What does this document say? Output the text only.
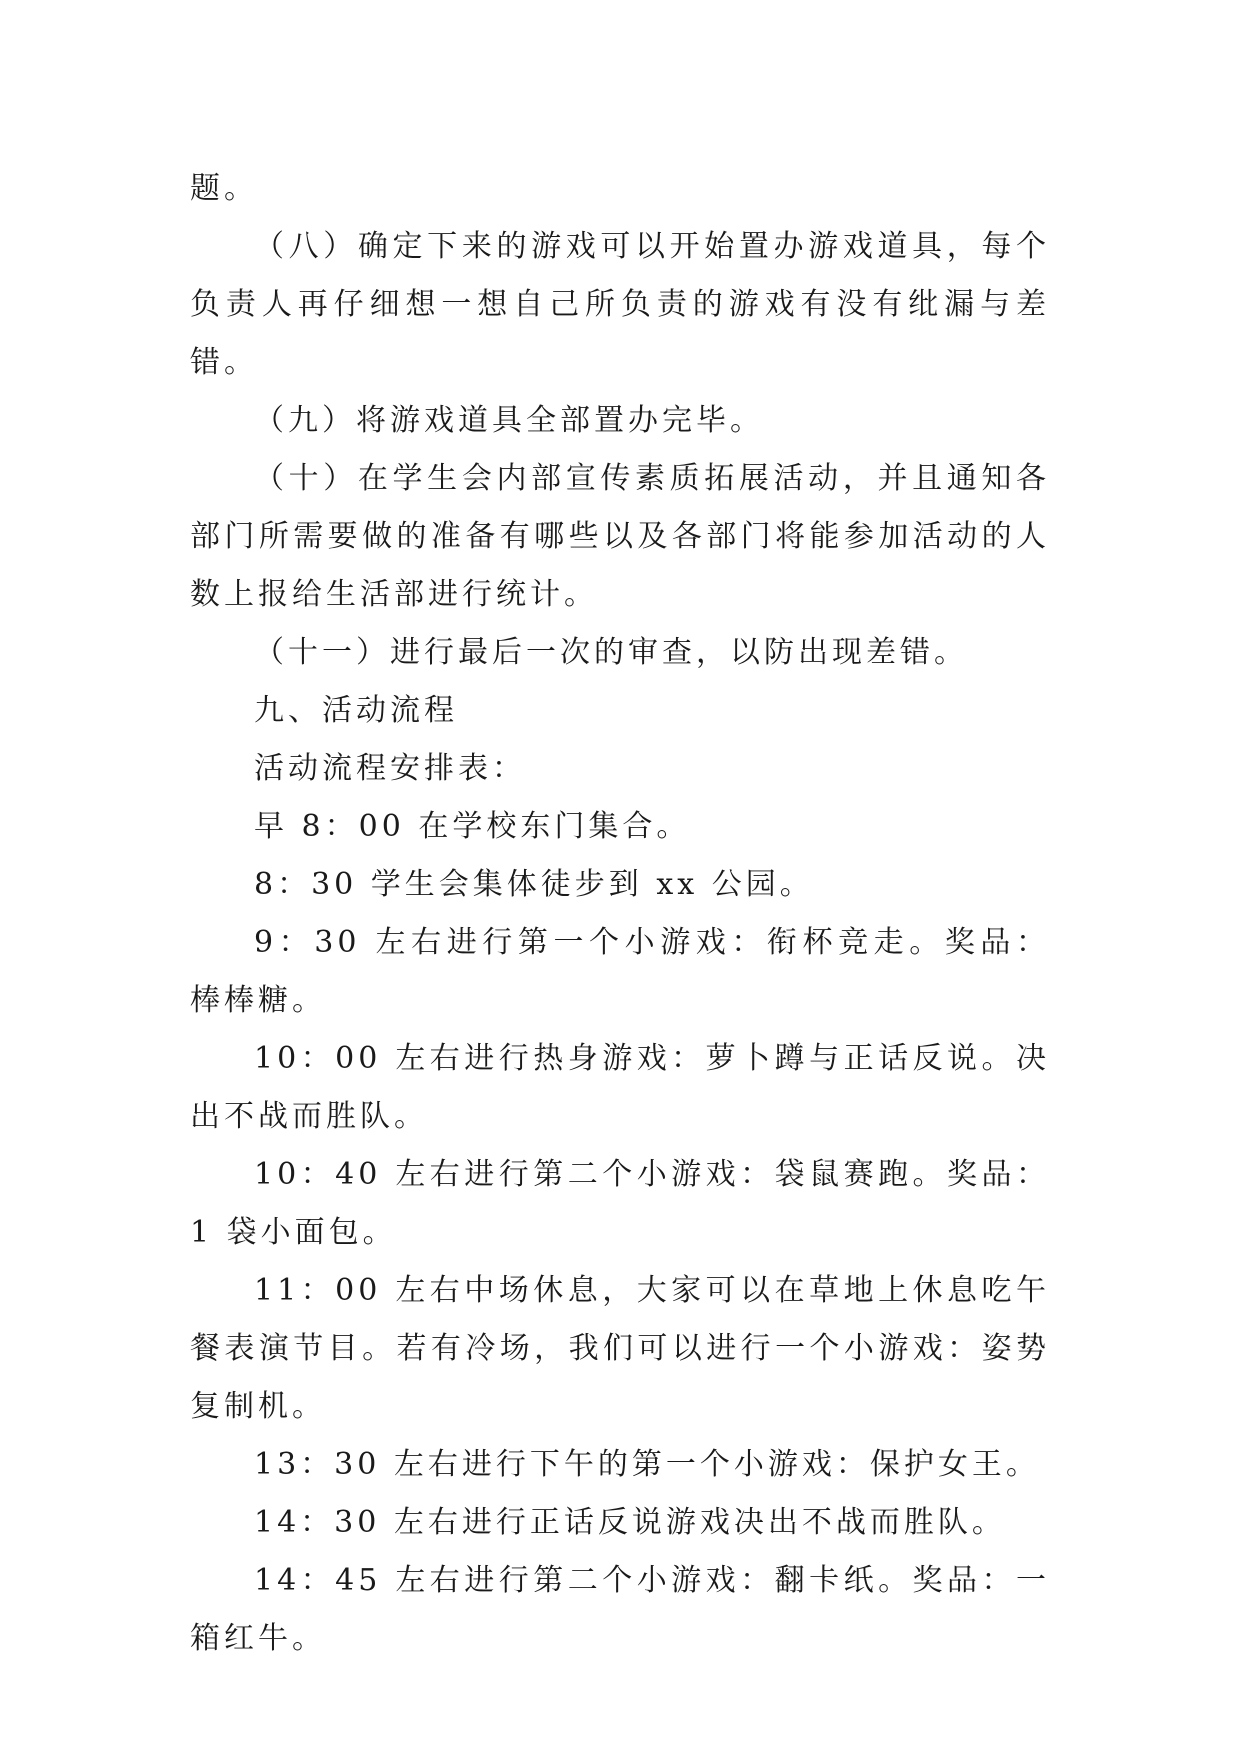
题。

（八）确定下来的游戏可以开始置办游戏道具，每个负责人再仔细想一想自己所负责的游戏有没有纰漏与差错。

（九）将游戏道具全部置办完毕。

（十）在学生会内部宣传素质拓展活动，并且通知各部门所需要做的准备有哪些以及各部门将能参加活动的人数上报给生活部进行统计。

（十一）进行最后一次的审查，以防出现差错。

九、活动流程

活动流程安排表：

早 8：00 在学校东门集合。

8：30 学生会集体徒步到 xx 公园。

9：30 左右进行第一个小游戏：衔杯竞走。奖品：棒棒糖。

10：00 左右进行热身游戏：萝卜蹲与正话反说。决出不战而胜队。

10：40 左右进行第二个小游戏：袋鼠赛跑。奖品：1 袋小面包。

11：00 左右中场休息，大家可以在草地上休息吃午餐表演节目。若有冷场，我们可以进行一个小游戏：姿势复制机。

13：30 左右进行下午的第一个小游戏：保护女王。

14：30 左右进行正话反说游戏决出不战而胜队。

14：45 左右进行第二个小游戏：翻卡纸。奖品：一箱红牛。
